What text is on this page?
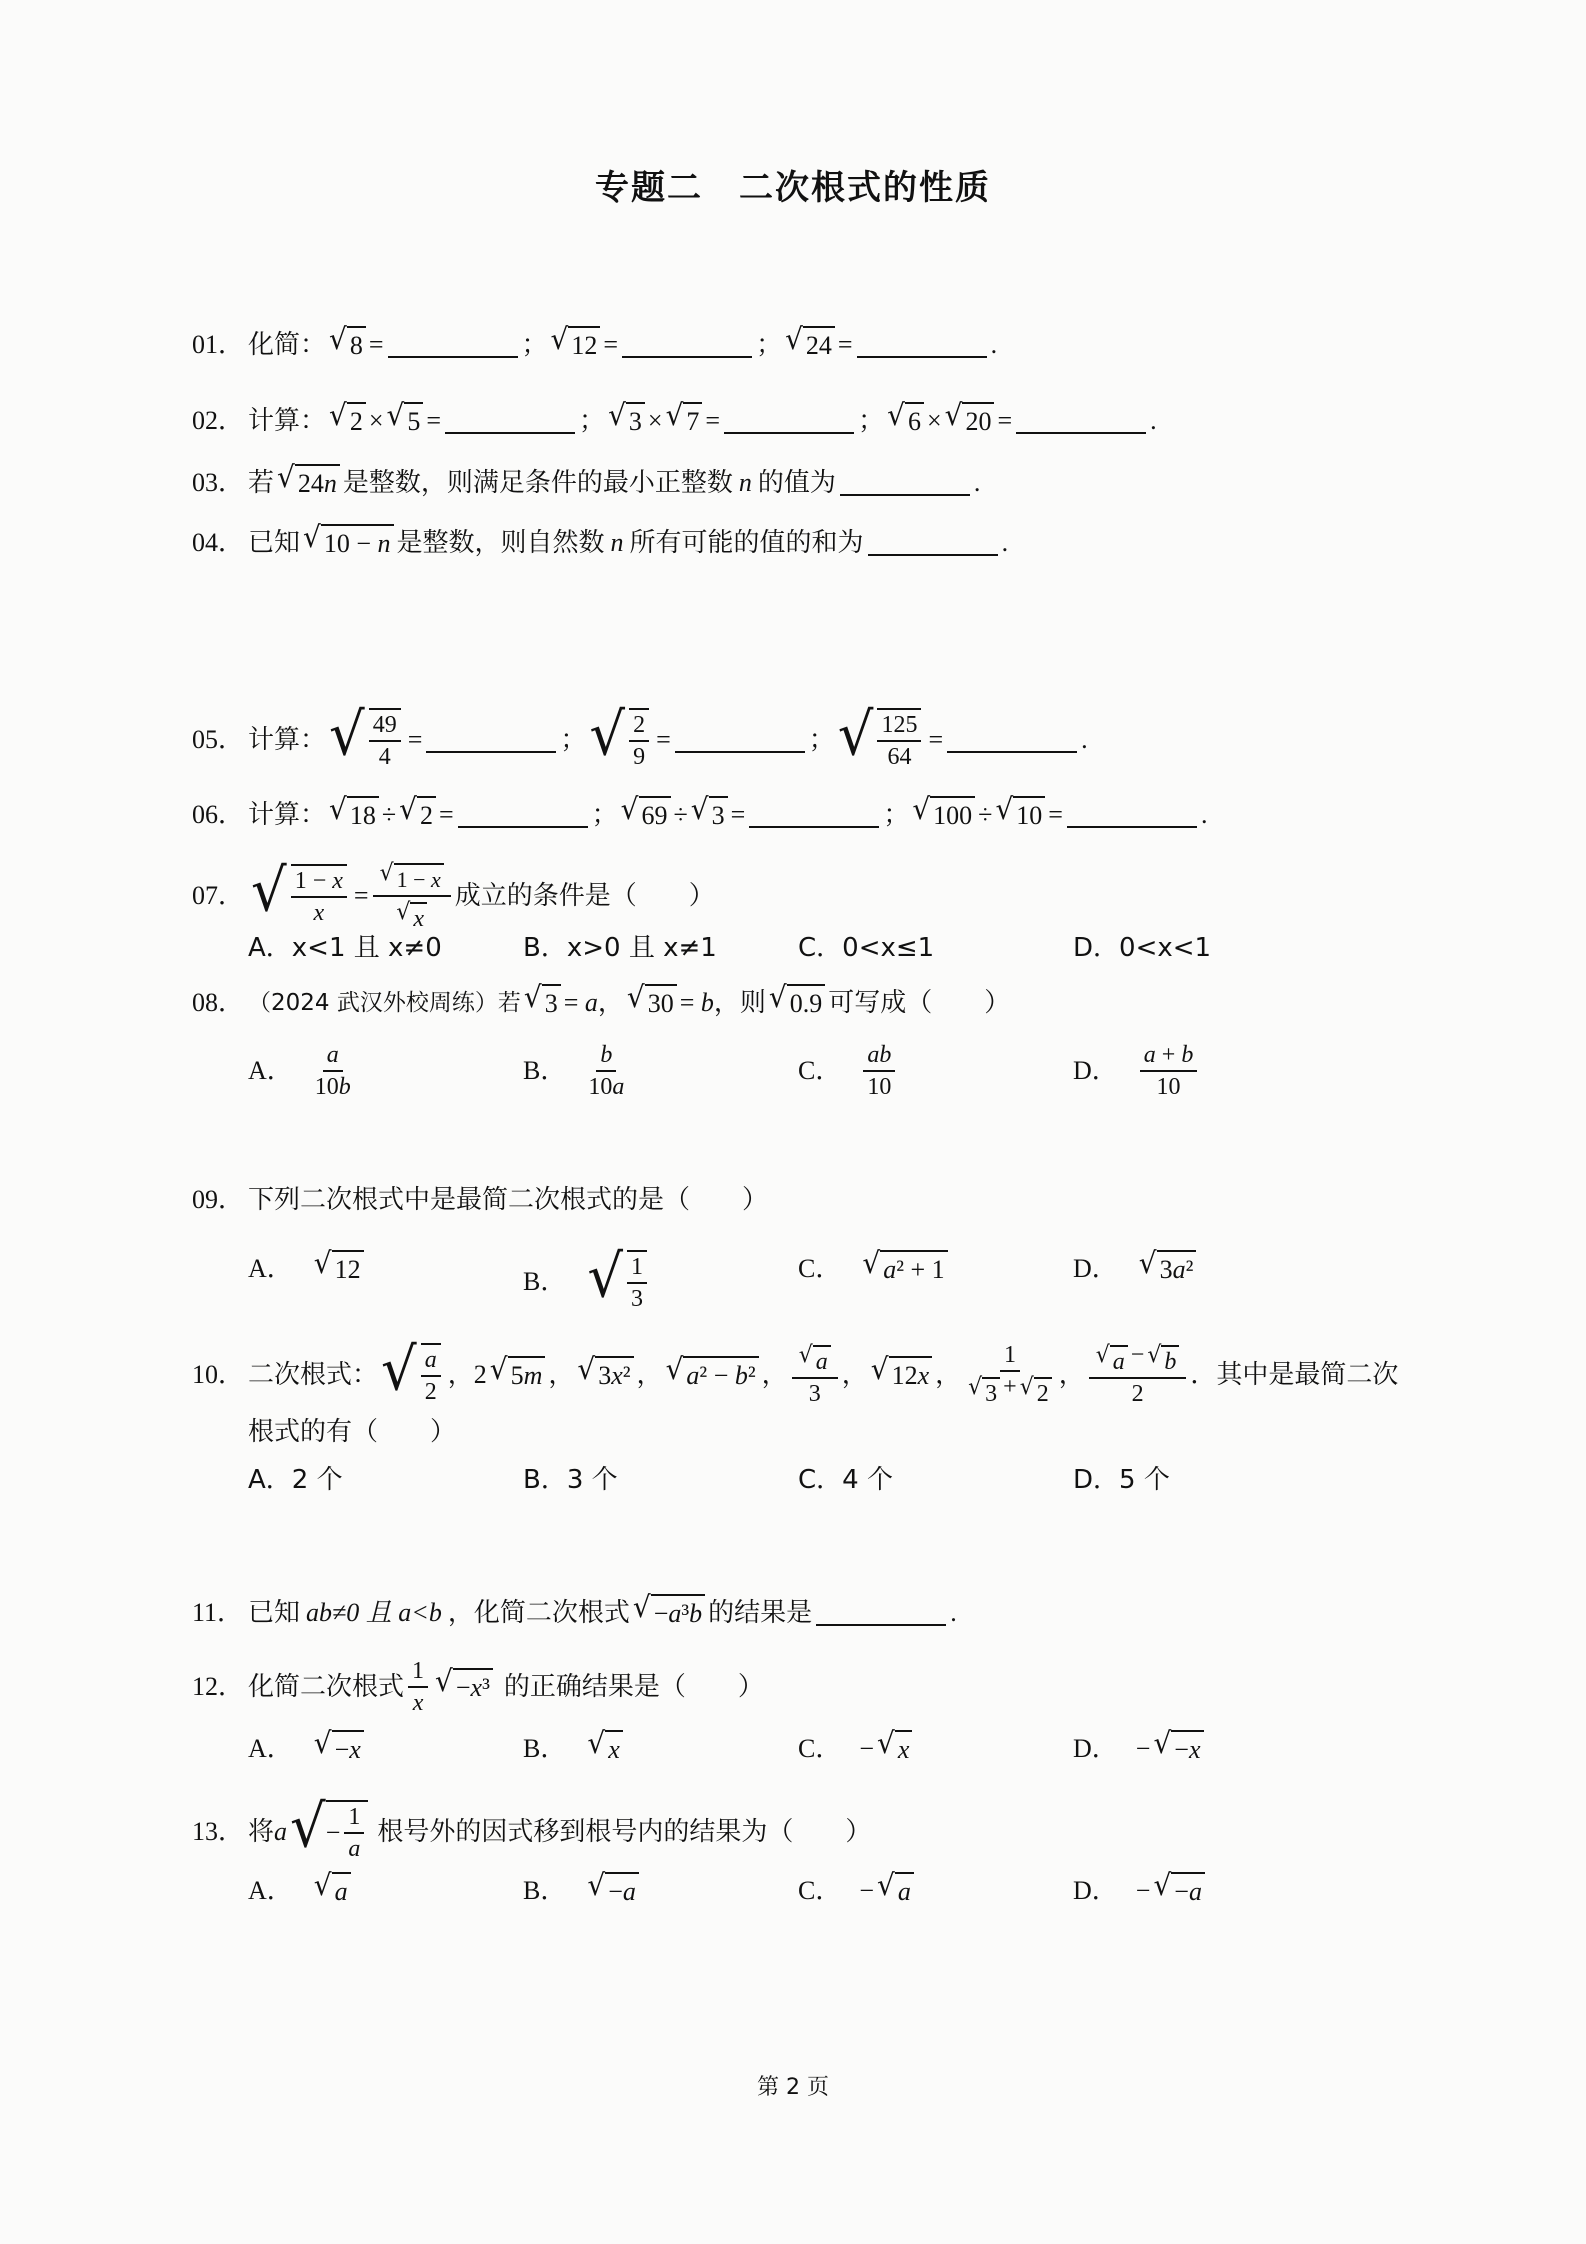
专题二　二次根式的性质
01． 化简： √ 8 =	； √ 12 =	； √ 24 =	.
02． 计算： √ 2 × √ 5 =	； √ 3 × √ 7 =	； √ 6 × √ 20 =	.
03． 若 √ 24n 是整数，则满足条件的最小正整数 n 的值为	.
04． 已知 √ 10 − n 是整数，则自然数 n 所有可能的值的和为	.
05． 计算： √ $\frac{49}{4}$ =	； √ $\frac{2}{9}$ =	； √ $\frac{125}{64}$ =	.
06． 计算： √ 18 ÷ √ 2 =	； √ 69 ÷ √ 3 =	； √ 100 ÷ √ 10 =	.
07． √ $\frac{1 - x}{x} = \frac{√ 1 - x}{√ x}$ 成立的条件是（　　）
A．x<1 且 x≠0	B．x>0 且 x≠1	C．0<x≤1	D．0<x<1
08． （2024 武汉外校周练）若 √ 3 = a ， √ 30 = b ，则 √ 0.9 可写成（　　）
A． $\frac{a}{10b}$	B． $\frac{b}{10a}$	C． $\frac{ab}{10}$	D． $\frac{a + b}{10}$
09． 下列二次根式中是最简二次根式的是（　　）
A． √ 12	B． √ $\frac{1}{3}$	C． √ a² + 1	D． √ 3a²
10． 二次根式： √ $\frac{a}{2}$ ， 2 √ 5m ， √ 3x² ， √ a² − b² ， $\frac{√ a}{3}$ ， √ 12x ， $\frac{1}{√ 3 + √ 2}$ ， $\frac{√ a - √ b}{2}$ ．其中是最简二次
根式的有（　　）
A．2 个	B．3 个	C．4 个	D．5 个
11． 已知 ab≠0 且 a<b ，化简二次根式 √ −a³b 的结果是	.
12． 化简二次根式 $\frac{1}{x}$ √ −x³ 的正确结果是（　　）
A． √ −x	B． √ x	C． − √ x	D． − √ −x
13． 将 a √ − $\frac{1}{a}$ 根号外的因式移到根号内的结果为（　　）
A． √ a	B． √ −a	C． − √ a	D． − √ −a
第 2 页
